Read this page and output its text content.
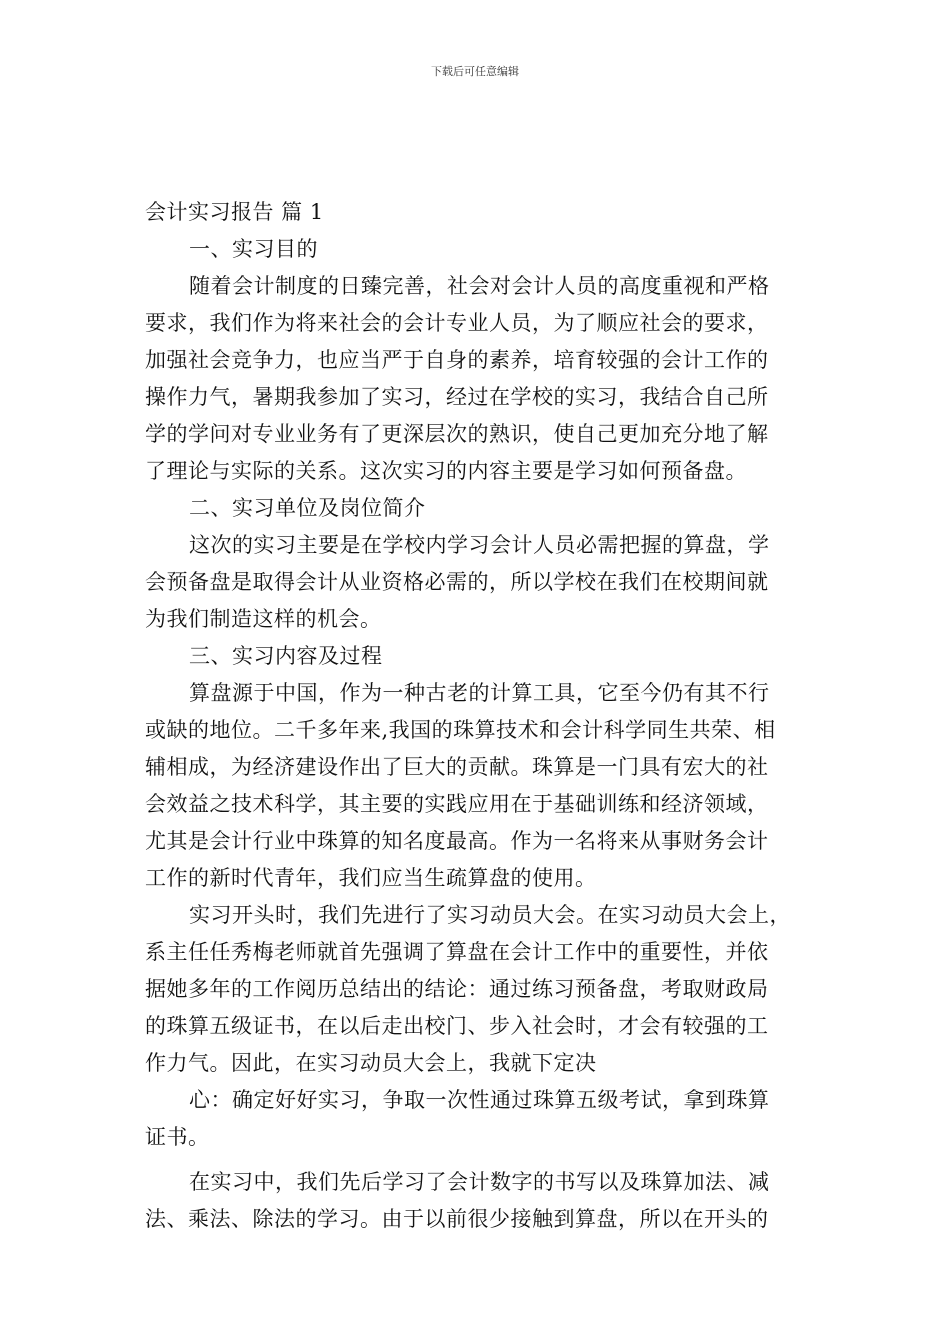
下载后可任意编辑
会计实习报告 篇 1
一、实习目的
随着会计制度的日臻完善，社会对会计人员的高度重视和严格
要求，我们作为将来社会的会计专业人员，为了顺应社会的要求，
加强社会竞争力，也应当严于自身的素养，培育较强的会计工作的
操作力气，暑期我参加了实习，经过在学校的实习，我结合自己所
学的学问对专业业务有了更深层次的熟识，使自己更加充分地了解
了理论与实际的关系。这次实习的内容主要是学习如何预备盘。
二、实习单位及岗位简介
这次的实习主要是在学校内学习会计人员必需把握的算盘，学
会预备盘是取得会计从业资格必需的，所以学校在我们在校期间就
为我们制造这样的机会。
三、实习内容及过程
算盘源于中国，作为一种古老的计算工具，它至今仍有其不行
或缺的地位。二千多年来,我国的珠算技术和会计科学同生共荣、相
辅相成，为经济建设作出了巨大的贡献。珠算是一门具有宏大的社
会效益之技术科学，其主要的实践应用在于基础训练和经济领域，
尤其是会计行业中珠算的知名度最高。作为一名将来从事财务会计
工作的新时代青年，我们应当生疏算盘的使用。
实习开头时，我们先进行了实习动员大会。在实习动员大会上，
系主任任秀梅老师就首先强调了算盘在会计工作中的重要性，并依
据她多年的工作阅历总结出的结论：通过练习预备盘，考取财政局
的珠算五级证书，在以后走出校门、步入社会时，才会有较强的工
作力气。因此，在实习动员大会上，我就下定决
心：确定好好实习，争取一次性通过珠算五级考试，拿到珠算
证书。
在实习中，我们先后学习了会计数字的书写以及珠算加法、减
法、乘法、除法的学习。由于以前很少接触到算盘，所以在开头的
